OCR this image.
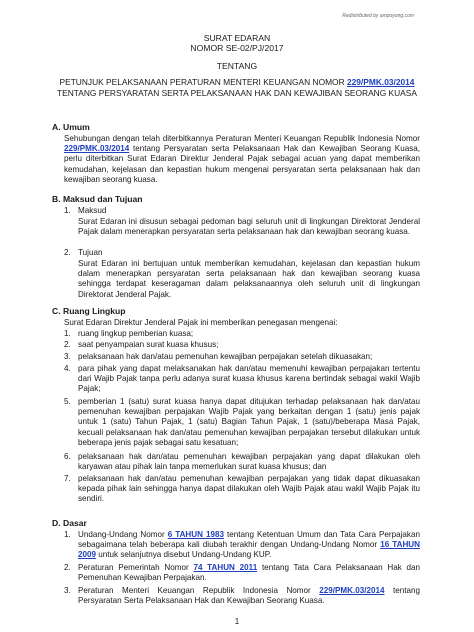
Redistributed by ampoyong.com
SURAT EDARAN
NOMOR SE-02/PJ/2017
TENTANG
PETUNJUK PELAKSANAAN PERATURAN MENTERI KEUANGAN NOMOR 229/PMK.03/2014 TENTANG PERSYARATAN SERTA PELAKSANAAN HAK DAN KEWAJIBAN SEORANG KUASA
A. Umum
Sehubungan dengan telah diterbitkannya Peraturan Menteri Keuangan Republik Indonesia Nomor 229/PMK.03/2014 tentang Persyaratan serta Pelaksanaan Hak dan Kewajiban Seorang Kuasa, perlu diterbitkan Surat Edaran Direktur Jenderal Pajak sebagai acuan yang dapat memberikan kemudahan, kejelasan dan kepastian hukum mengenai persyaratan serta pelaksanaan hak dan kewajiban seorang kuasa.
B. Maksud dan Tujuan
1. Maksud
Surat Edaran ini disusun sebagai pedoman bagi seluruh unit di lingkungan Direktorat Jenderal Pajak dalam menerapkan persyaratan serta pelaksanaan hak dan kewajiban seorang kuasa.
2. Tujuan
Surat Edaran ini bertujuan untuk memberikan kemudahan, kejelasan dan kepastian hukum dalam menerapkan persyaratan serta pelaksanaan hak dan kewajiban seorang kuasa sehingga terdapat keseragaman dalam pelaksanaannya oleh seluruh unit di lingkungan Direktorat Jenderal Pajak.
C. Ruang Lingkup
Surat Edaran Direktur Jenderal Pajak ini memberikan penegasan mengenai:
1. ruang lingkup pemberian kuasa;
2. saat penyampaian surat kuasa khusus;
3. pelaksanaan hak dan/atau pemenuhan kewajiban perpajakan setelah dikuasakan;
4. para pihak yang dapat melaksanakan hak dan/atau memenuhi kewajiban perpajakan tertentu dari Wajib Pajak tanpa perlu adanya surat kuasa khusus karena bertindak sebagai wakil Wajib Pajak;
5. pemberian 1 (satu) surat kuasa hanya dapat ditujukan terhadap pelaksanaan hak dan/atau pemenuhan kewajiban perpajakan Wajib Pajak yang berkaitan dengan 1 (satu) jenis pajak untuk 1 (satu) Tahun Pajak, 1 (satu) Bagian Tahun Pajak, 1 (satu)/beberapa Masa Pajak, kecuali pelaksanaan hak dan/atau pemenuhan kewajiban perpajakan tersebut dilakukan untuk beberapa jenis pajak sebagai satu kesatuan;
6. pelaksanaan hak dan/atau pemenuhan kewajiban perpajakan yang dapat dilakukan oleh karyawan atau pihak lain tanpa memerlukan surat kuasa khusus; dan
7. pelaksanaan hak dan/atau pemenuhan kewajiban perpajakan yang tidak dapat dikuasakan kepada pihak lain sehingga hanya dapat dilakukan oleh Wajib Pajak atau wakil Wajib Pajak itu sendiri.
D. Dasar
1. Undang-Undang Nomor 6 TAHUN 1983 tentang Ketentuan Umum dan Tata Cara Perpajakan sebagaimana telah beberapa kali diubah terakhir dengan Undang-Undang Nomor 16 TAHUN 2009 untuk selanjutnya disebut Undang-Undang KUP.
2. Peraturan Pemerintah Nomor 74 TAHUN 2011 tentang Tata Cara Pelaksanaan Hak dan Pemenuhan Kewajiban Perpajakan.
3. Peraturan Menteri Keuangan Republik Indonesia Nomor 229/PMK.03/2014 tentang Persyaratan Serta Pelaksanaan Hak dan Kewajiban Seorang Kuasa.
1
